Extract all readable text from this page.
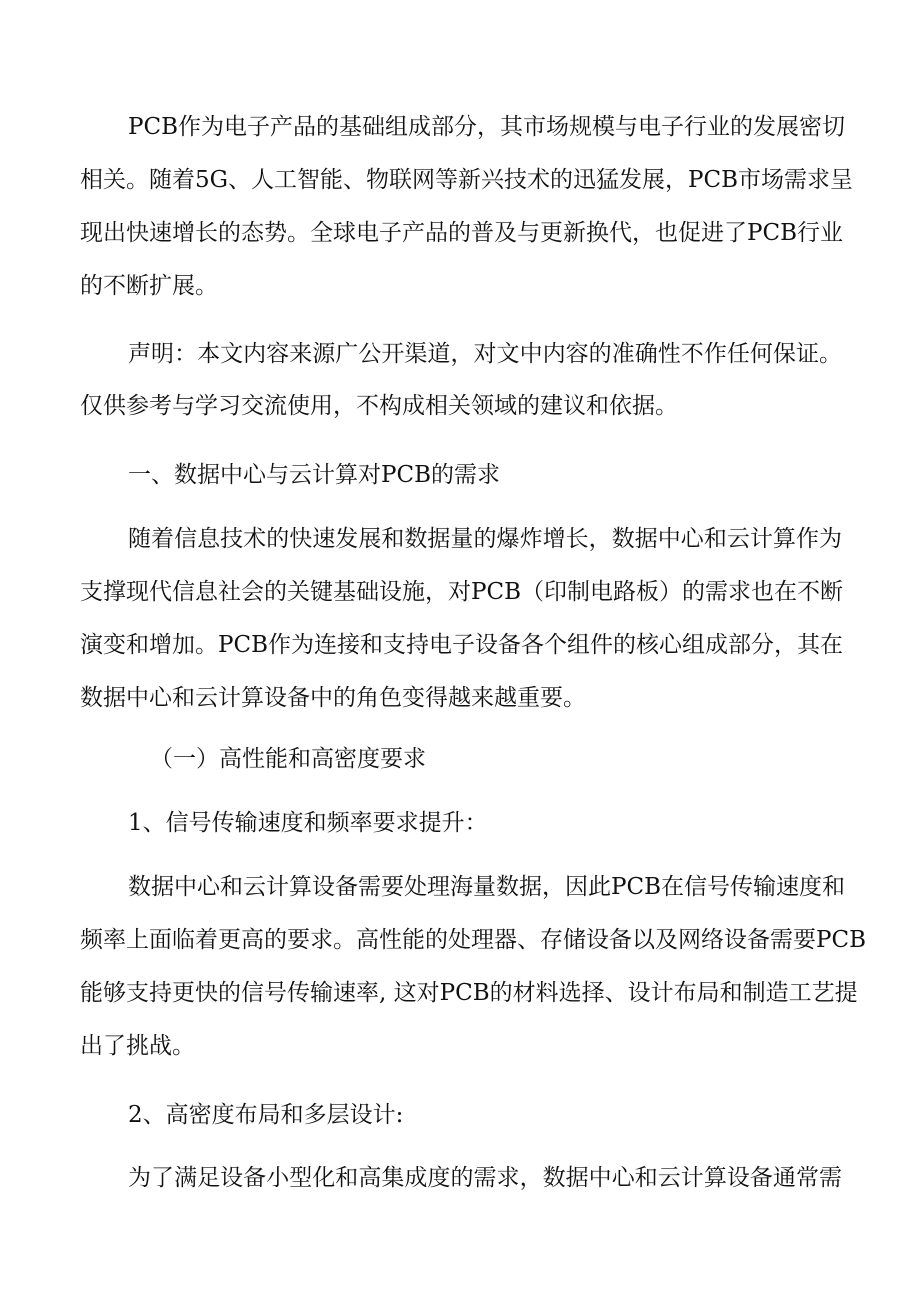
PCB作为电子产品的基础组成部分，其市场规模与电子行业的发展密切
相关。随着5G、人工智能、物联网等新兴技术的迅猛发展，PCB市场需求呈
现出快速增长的态势。全球电子产品的普及与更新换代，也促进了PCB行业
的不断扩展。
声明：本文内容来源广公开渠道，对文中内容的准确性不作任何保证。
仅供参考与学习交流使用，不构成相关领域的建议和依据。
一、数据中心与云计算对PCB的需求
随着信息技术的快速发展和数据量的爆炸增长，数据中心和云计算作为
支撑现代信息社会的关键基础设施，对PCB（印制电路板）的需求也在不断
演变和增加。PCB作为连接和支持电子设备各个组件的核心组成部分，其在
数据中心和云计算设备中的角色变得越来越重要。
（一）高性能和高密度要求
1、信号传输速度和频率要求提升：
数据中心和云计算设备需要处理海量数据，因此PCB在信号传输速度和
频率上面临着更高的要求。高性能的处理器、存储设备以及网络设备需要PCB
能够支持更快的信号传输速率, 这对PCB的材料选择、设计布局和制造工艺提
出了挑战。
2、高密度布局和多层设计:
为了满足设备小型化和高集成度的需求，数据中心和云计算设备通常需
